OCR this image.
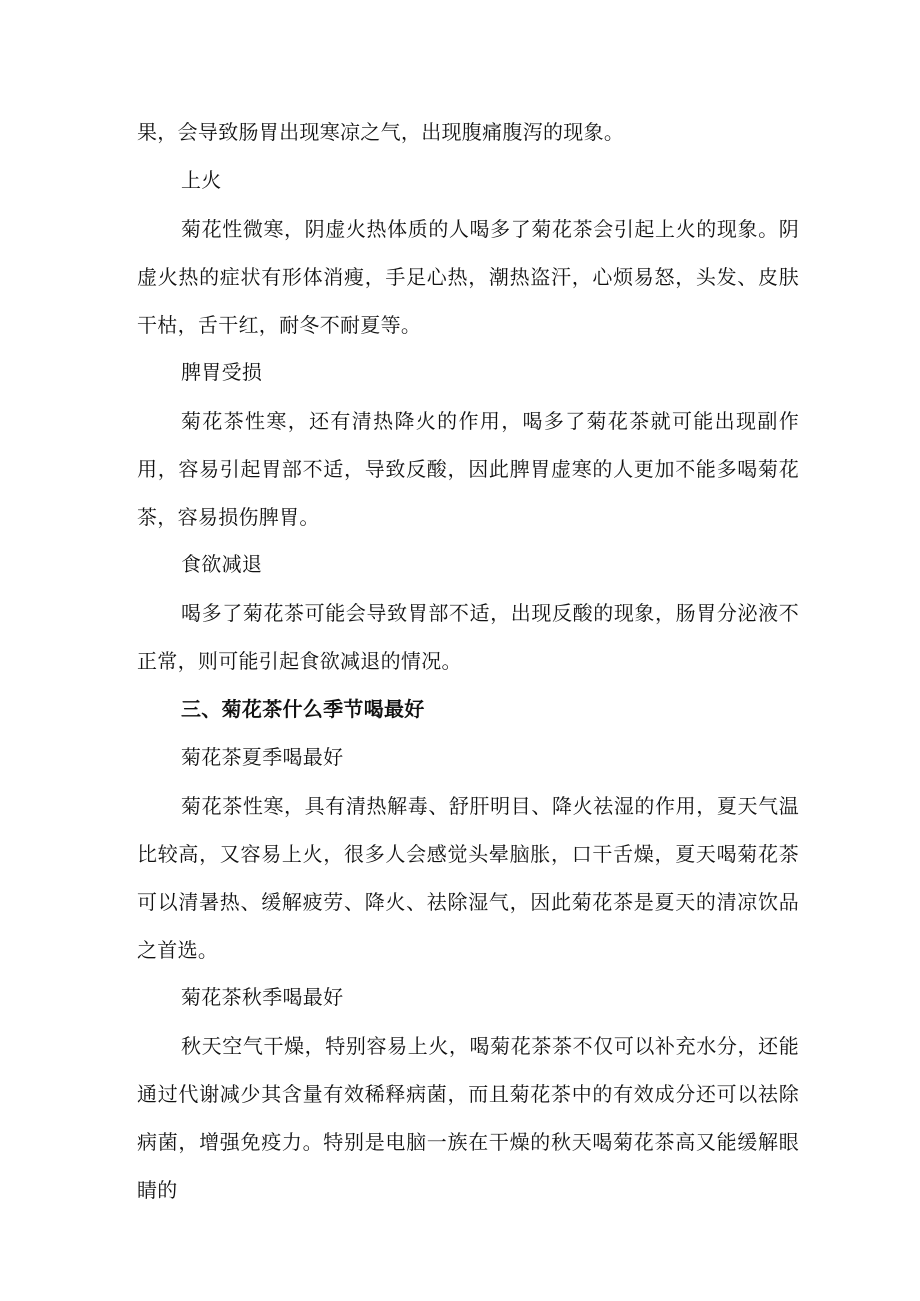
果，会导致肠胃出现寒凉之气，出现腹痛腹泻的现象。

上火

菊花性微寒，阴虚火热体质的人喝多了菊花茶会引起上火的现象。阴虚火热的症状有形体消瘦，手足心热，潮热盗汗，心烦易怒，头发、皮肤干枯，舌干红，耐冬不耐夏等。

脾胃受损

菊花茶性寒，还有清热降火的作用，喝多了菊花茶就可能出现副作用，容易引起胃部不适，导致反酸，因此脾胃虚寒的人更加不能多喝菊花茶，容易损伤脾胃。

食欲减退

喝多了菊花茶可能会导致胃部不适，出现反酸的现象，肠胃分泌液不正常，则可能引起食欲减退的情况。

三、菊花茶什么季节喝最好

菊花茶夏季喝最好

菊花茶性寒，具有清热解毒、舒肝明目、降火祛湿的作用，夏天气温比较高，又容易上火，很多人会感觉头晕脑胀，口干舌燥，夏天喝菊花茶可以清暑热、缓解疲劳、降火、祛除湿气，因此菊花茶是夏天的清凉饮品之首选。

菊花茶秋季喝最好

秋天空气干燥，特别容易上火，喝菊花茶茶不仅可以补充水分，还能通过代谢减少其含量有效稀释病菌，而且菊花茶中的有效成分还可以祛除病菌，增强免疫力。特别是电脑一族在干燥的秋天喝菊花茶高又能缓解眼睛的
